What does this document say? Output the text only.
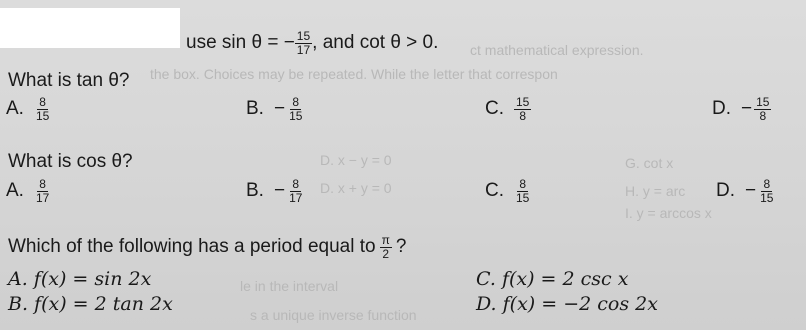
ct mathematical expression.
the box. Choices may be repeated. While the letter that correspon
D. x − y = 0
D. x + y = 0
G. cot x
H. y = arc
I. y = arccos x
s a unique inverse function
le in the interval
use sin θ = − $\frac{15}{17}$ , and cot θ > 0.
What is tan θ?
A. $\frac{8}{15}$	B. − $\frac{8}{15}$	C. $\frac{15}{8}$	D. − $\frac{15}{8}$
What is cos θ?
A. $\frac{8}{17}$	B. − $\frac{8}{17}$	C. $\frac{8}{15}$	D. − $\frac{8}{15}$
Which of the following has a period equal to $\frac{\pi}{2}$ ?
A. f(x) = sin 2x
B. f(x) = 2 tan 2x
C. f(x) = 2 csc x
D. f(x) = −2 cos 2x
